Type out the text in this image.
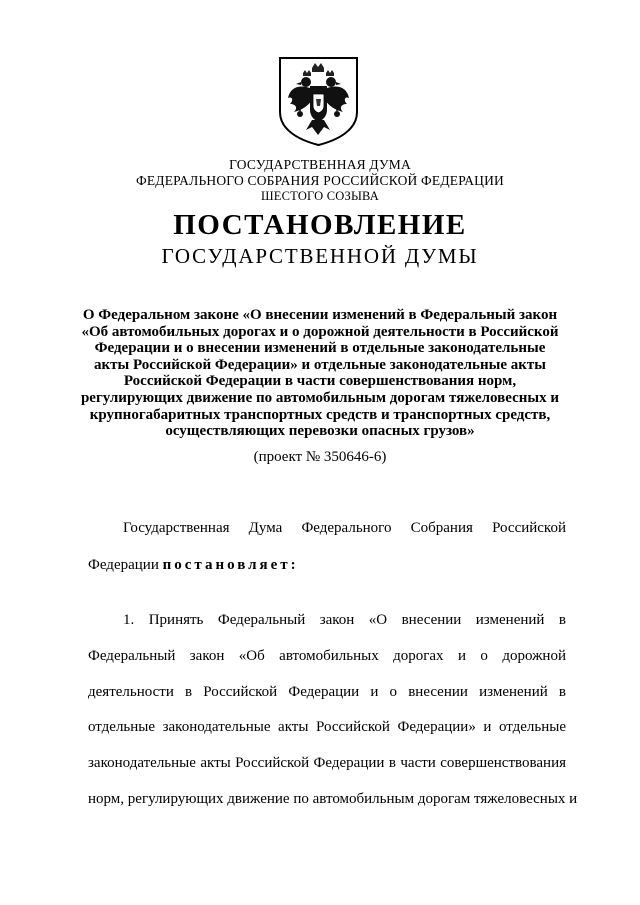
ГОСУДАРСТВЕННАЯ ДУМА
ФЕДЕРАЛЬНОГО СОБРАНИЯ РОССИЙСКОЙ ФЕДЕРАЦИИ
ШЕСТОГО СОЗЫВА
ПОСТАНОВЛЕНИЕ
ГОСУДАРСТВЕННОЙ ДУМЫ
О Федеральном законе «О внесении изменений в Федеральный закон
«Об автомобильных дорогах и о дорожной деятельности в Российской
Федерации и о внесении изменений в отдельные законодательные
акты Российской Федерации» и отдельные законодательные акты
Российской Федерации в части совершенствования норм,
регулирующих движение по автомобильным дорогам тяжеловесных и
крупногабаритных транспортных средств и транспортных средств,
осуществляющих перевозки опасных грузов»
(проект № 350646-6)
Государственная Дума Федерального Собрания Российской
Федерации постановляет:
1. Принять Федеральный закон «О внесении изменений в
Федеральный закон «Об автомобильных дорогах и о дорожной
деятельности в Российской Федерации и о внесении изменений в
отдельные законодательные акты Российской Федерации» и отдельные
законодательные акты Российской Федерации в части совершенствования
норм, регулирующих движение по автомобильным дорогам тяжеловесных и
